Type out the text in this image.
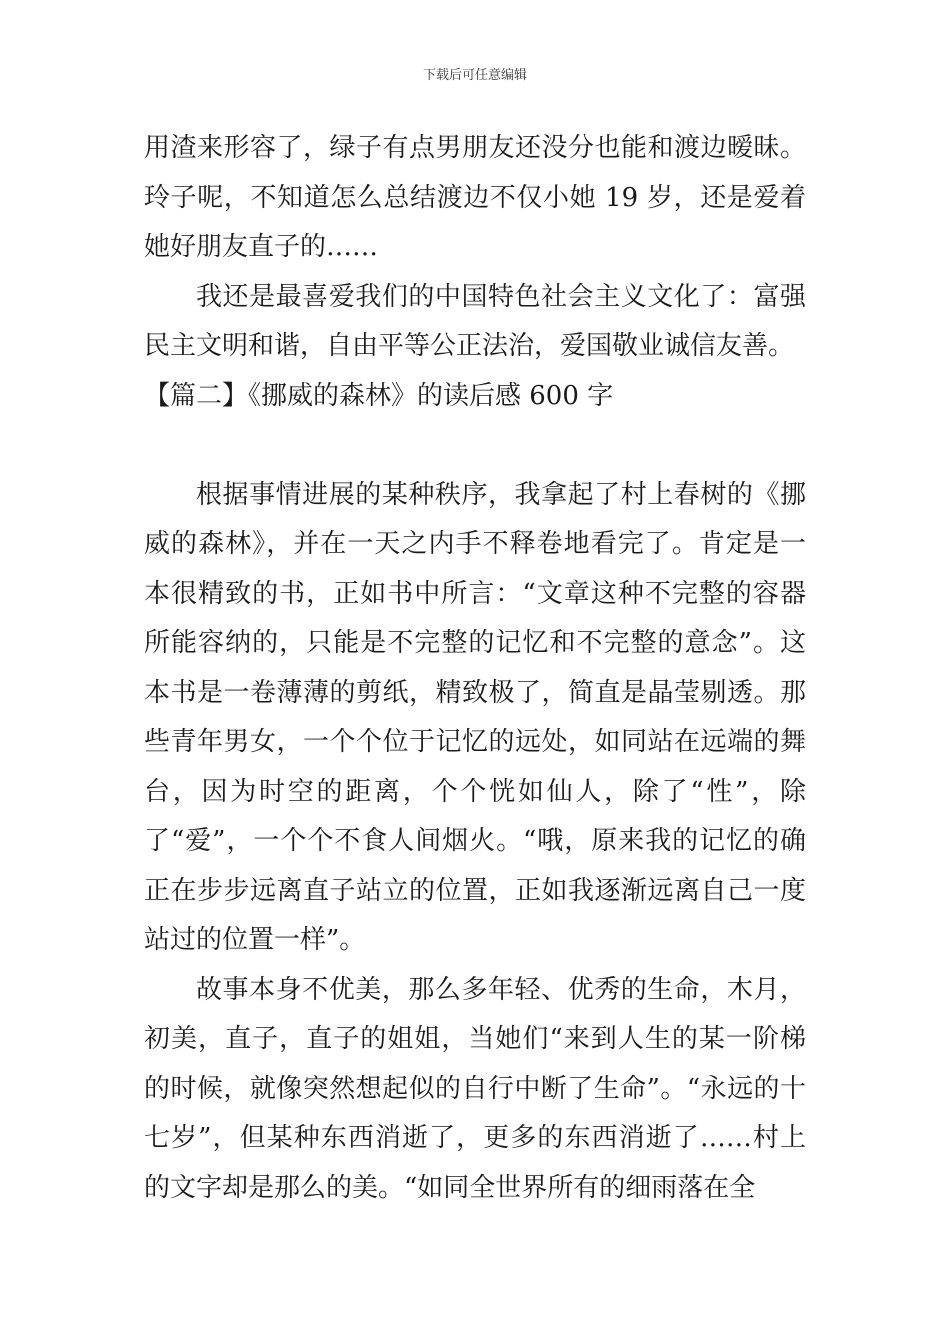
下载后可任意编辑

用渣来形容了，绿子有点男朋友还没分也能和渡边暧昧。玲子呢，不知道怎么总结渡边不仅小她 19 岁，还是爱着她好朋友直子的……

我还是最喜爱我们的中国特色社会主义文化了：富强民主文明和谐，自由平等公正法治，爱国敬业诚信友善。

【篇二】《挪威的森林》的读后感 600 字

根据事情进展的某种秩序，我拿起了村上春树的《挪威的森林》，并在一天之内手不释卷地看完了。肯定是一本很精致的书，正如书中所言：“文章这种不完整的容器所能容纳的，只能是不完整的记忆和不完整的意念”。这本书是一卷薄薄的剪纸，精致极了，简直是晶莹剔透。那些青年男女，一个个位于记忆的远处，如同站在远端的舞台，因为时空的距离，个个恍如仙人，除了“性”，除了“爱”，一个个不食人间烟火。“哦，原来我的记忆的确正在步步远离直子站立的位置，正如我逐渐远离自己一度站过的位置一样”。

故事本身不优美，那么多年轻、优秀的生命，木月，初美，直子，直子的姐姐，当她们“来到人生的某一阶梯的时候，就像突然想起似的自行中断了生命”。“永远的十七岁”，但某种东西消逝了，更多的东西消逝了……村上的文字却是那么的美。“如同全世界所有的细雨落在全
